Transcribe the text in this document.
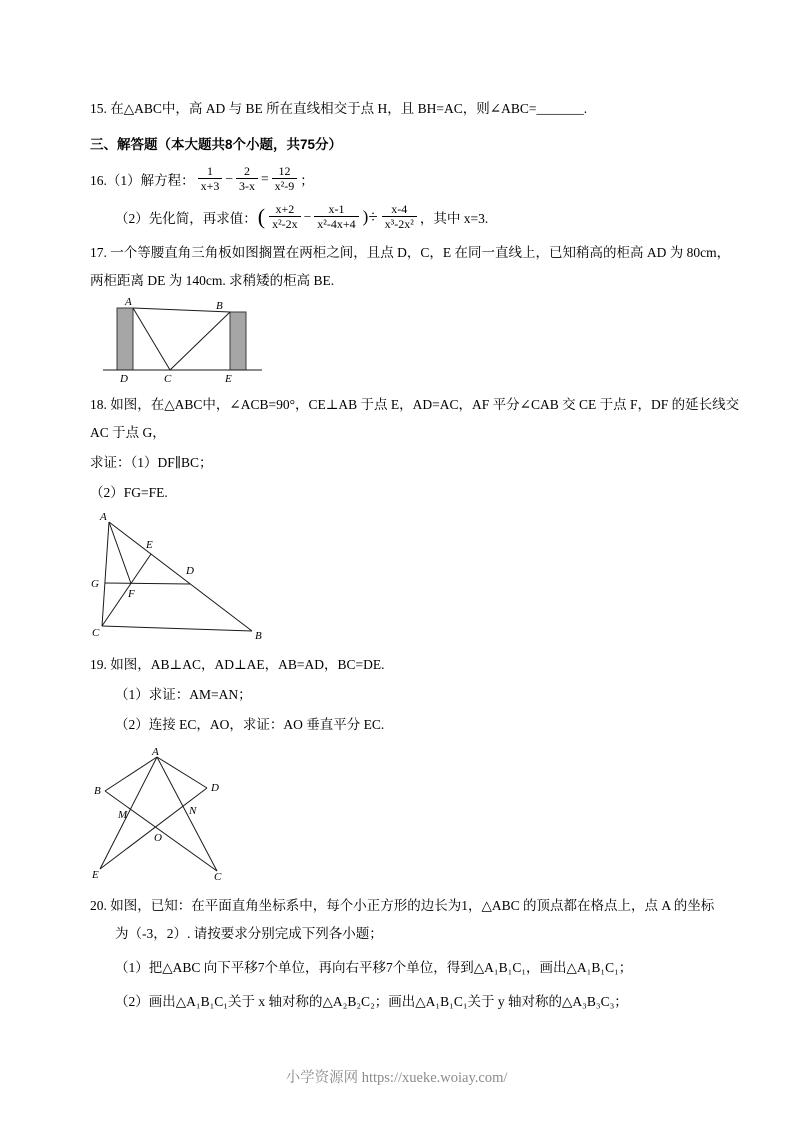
15. 在△ABC中，高 AD 与 BE 所在直线相交于点 H，且 BH=AC，则∠ABC=_______.

三、解答题（本大题共8个小题，共75分）

16.（1）解方程： $\frac{1}{x+3} - \frac{2}{3-x} = \frac{12}{\text{x²-9}}$ ；
（2）先化简，再求值： ( $\frac{x+2}{\text{x²-2x}} - \frac{x-1}{\text{x²-4x+4}}$ )÷ $\frac{x-4}{\text{x³-2x²}}$ ，其中 x=3.

17. 一个等腰直角三角板如图搁置在两柜之间，且点 D，C，E 在同一直线上，已知稍高的柜高 AD 为 80cm，

两柜距离 DE 为 140cm. 求稍矮的柜高 BE.

A	B
D	C	E

18. 如图，在△ABC中，∠ACB=90°，CE⊥AB 于点 E，AD=AC，AF 平分∠CAB 交 CE 于点 F，DF 的延长线交

AC 于点 G，

求证：（1）DF∥BC；

（2）FG=FE.

A
E
D
G
F
C	B

19. 如图，AB⊥AC，AD⊥AE，AB=AD，BC=DE.

（1）求证：AM=AN；

（2）连接 EC，AO，求证：AO 垂直平分 EC.

A
B	D
M	N
O
E	C

20. 如图，已知：在平面直角坐标系中，每个小正方形的边长为1，△ABC 的顶点都在格点上，点 A 的坐标

为（-3，2）. 请按要求分别完成下列各小题；

（1）把△ABC 向下平移7个单位，再向右平移7个单位，得到△A₁B₁C₁，画出△A₁B₁C₁；

（2）画出△A₁B₁C₁关于 x 轴对称的△A₂B₂C₂；画出△A₁B₁C₁关于 y 轴对称的△A₃B₃C₃；

小学资源网 https://xueke.woiay.com/
